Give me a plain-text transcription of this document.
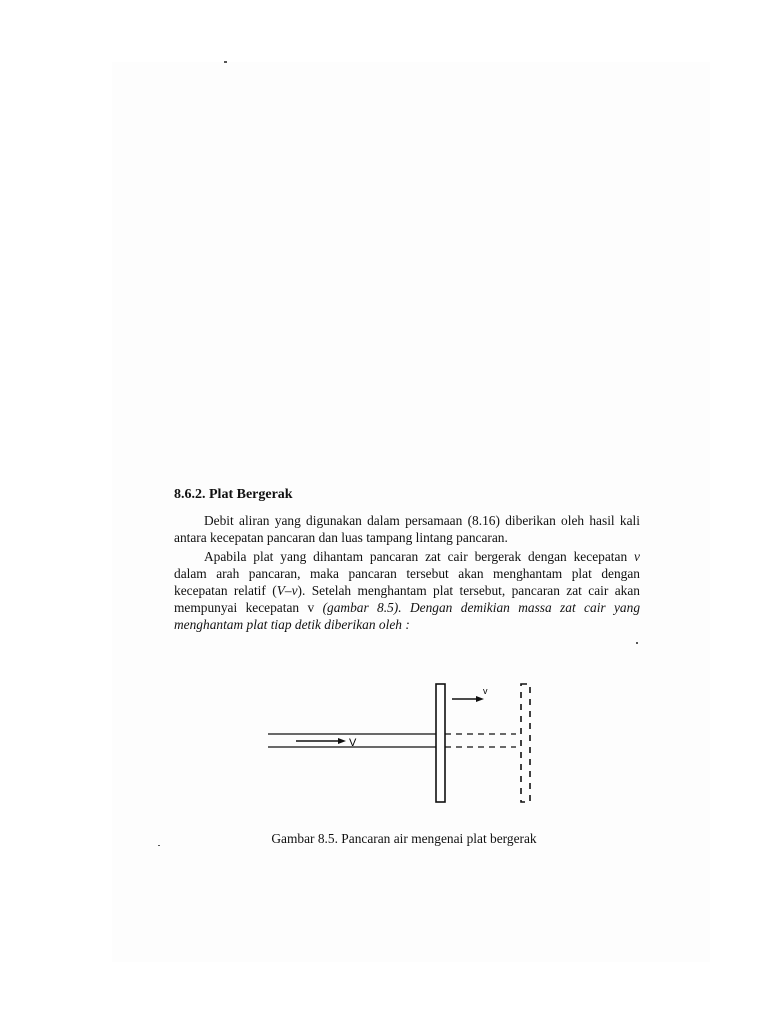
8.6.2. Plat Bergerak

Debit aliran yang digunakan dalam persamaan (8.16) diberikan oleh hasil kali antara kecepatan pancaran dan luas tampang lintang pancaran.

Apabila plat yang dihantam pancaran zat cair bergerak dengan kecepatan v dalam arah pancaran, maka pancaran tersebut akan menghantam plat dengan kecepatan relatif (V–v). Setelah menghantam plat tersebut, pancaran zat cair akan mempunyai kecepatan v (gambar 8.5). Dengan demikian massa zat cair yang menghantam plat tiap detik diberikan oleh :

V
v

Gambar 8.5. Pancaran air mengenai plat bergerak
